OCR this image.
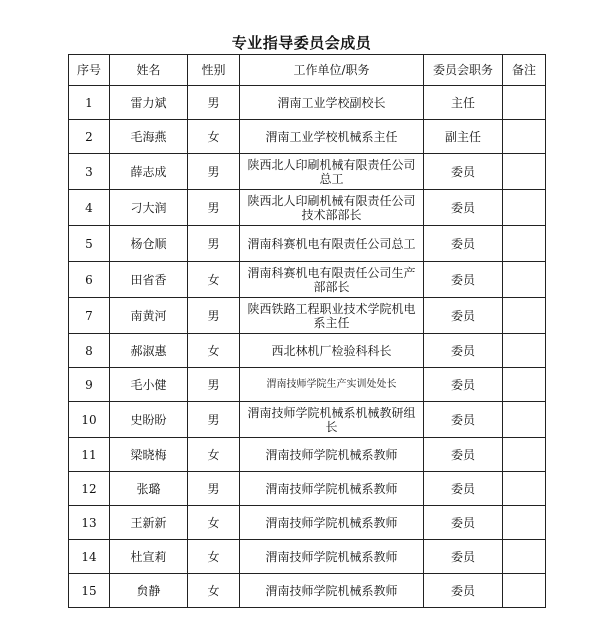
专业指导委员会成员
序号	姓名	性别	工作单位/职务	委员会职务	备注
1	雷力斌	男	渭南工业学校副校长	主任	
2	毛海燕	女	渭南工业学校机械系主任	副主任	
3	薛志成	男	陕西北人印刷机械有限责任公司总工	委员	
4	刁大润	男	陕西北人印刷机械有限责任公司技术部部长	委员	
5	杨仓顺	男	渭南科赛机电有限责任公司总工	委员	
6	田省香	女	渭南科赛机电有限责任公司生产部部长	委员	
7	南黄河	男	陕西铁路工程职业技术学院机电系主任	委员	
8	郝淑惠	女	西北林机厂检验科科长	委员	
9	毛小健	男	渭南技师学院生产实训处处长	委员	
10	史盼盼	男	渭南技师学院机械系机械教研组长	委员	
11	梁晓梅	女	渭南技师学院机械系教师	委员	
12	张璐	男	渭南技师学院机械系教师	委员	
13	王新新	女	渭南技师学院机械系教师	委员	
14	杜宣莉	女	渭南技师学院机械系教师	委员	
15	贠静	女	渭南技师学院机械系教师	委员	
